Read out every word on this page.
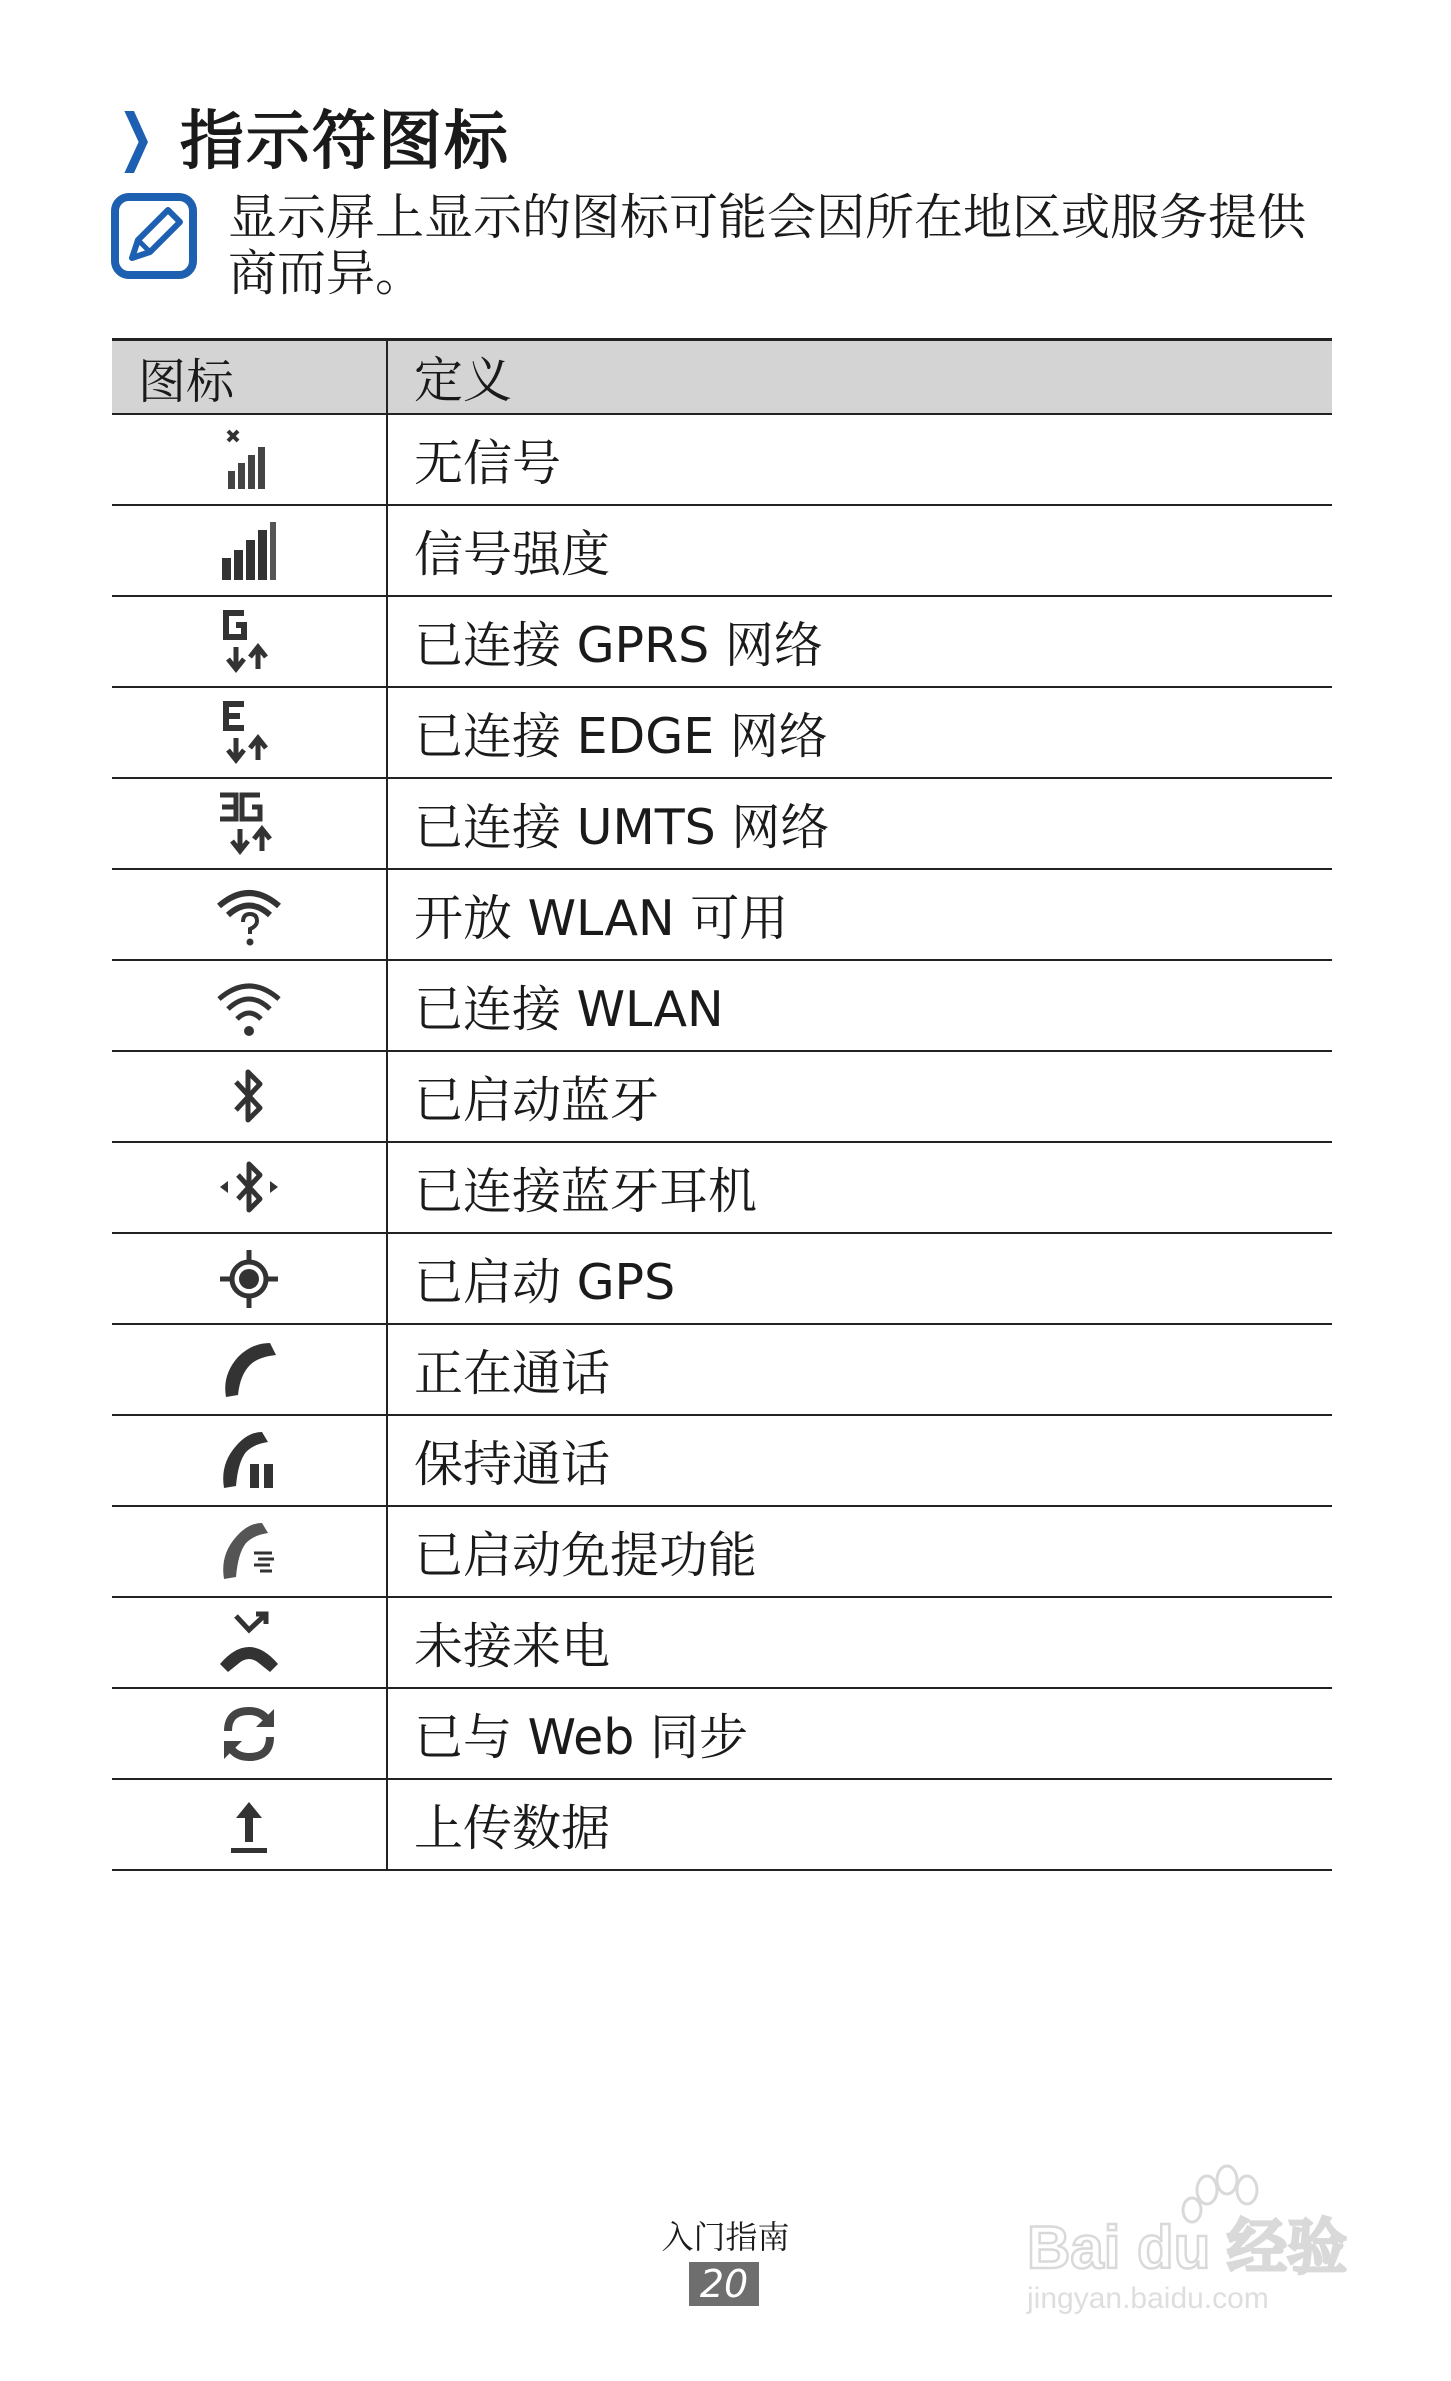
❯ 指示符图标
显示屏上显示的图标可能会因所在地区或服务提供商而异。
图标	定义
	无信号
	信号强度
	已连接 GPRS 网络
	已连接 EDGE 网络
	已连接 UMTS 网络
	开放 WLAN 可用
	已连接 WLAN
	已启动蓝牙
	已连接蓝牙耳机
	已启动 GPS
	正在通话
	保持通话
	已启动免提功能
	未接来电
	已与 Web 同步
	上传数据
入门指南
20
Bai du 经验
jingyan.baidu.com
